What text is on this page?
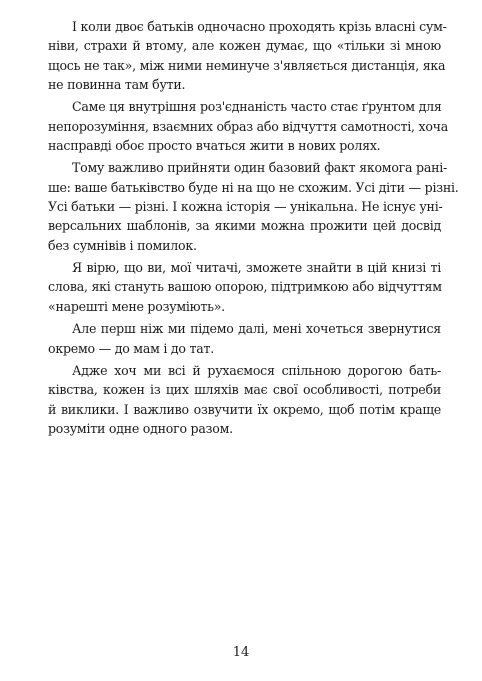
І коли двоє батьків одночасно проходять крізь власні сум-
ніви, страхи й втому, але кожен думає, що «тільки зі мною
щось не так», між ними неминуче з'являється дистанція, яка
не повинна там бути.
Саме ця внутрішня роз'єднаність часто стає ґрунтом для
непорозуміння, взаємних образ або відчуття самотності, хоча
насправді обоє просто вчаться жити в нових ролях.
Тому важливо прийняти один базовий факт якомога рані-
ше: ваше батьківство буде ні на що не схожим. Усі діти — різні.
Усі батьки — різні. І кожна історія — унікальна. Не існує уні-
версальних шаблонів, за якими можна прожити цей досвід
без сумнівів і помилок.
Я вірю, що ви, мої читачі, зможете знайти в цій книзі ті
слова, які стануть вашою опорою, підтримкою або відчуттям
«нарешті мене розуміють».
Але перш ніж ми підемо далі, мені хочеться звернутися
окремо — до мам і до тат.
Адже хоч ми всі й рухаємося спільною дорогою бать-
ківства, кожен із цих шляхів має свої особливості, потреби
й виклики. І важливо озвучити їх окремо, щоб потім краще
розуміти одне одного разом.
14
